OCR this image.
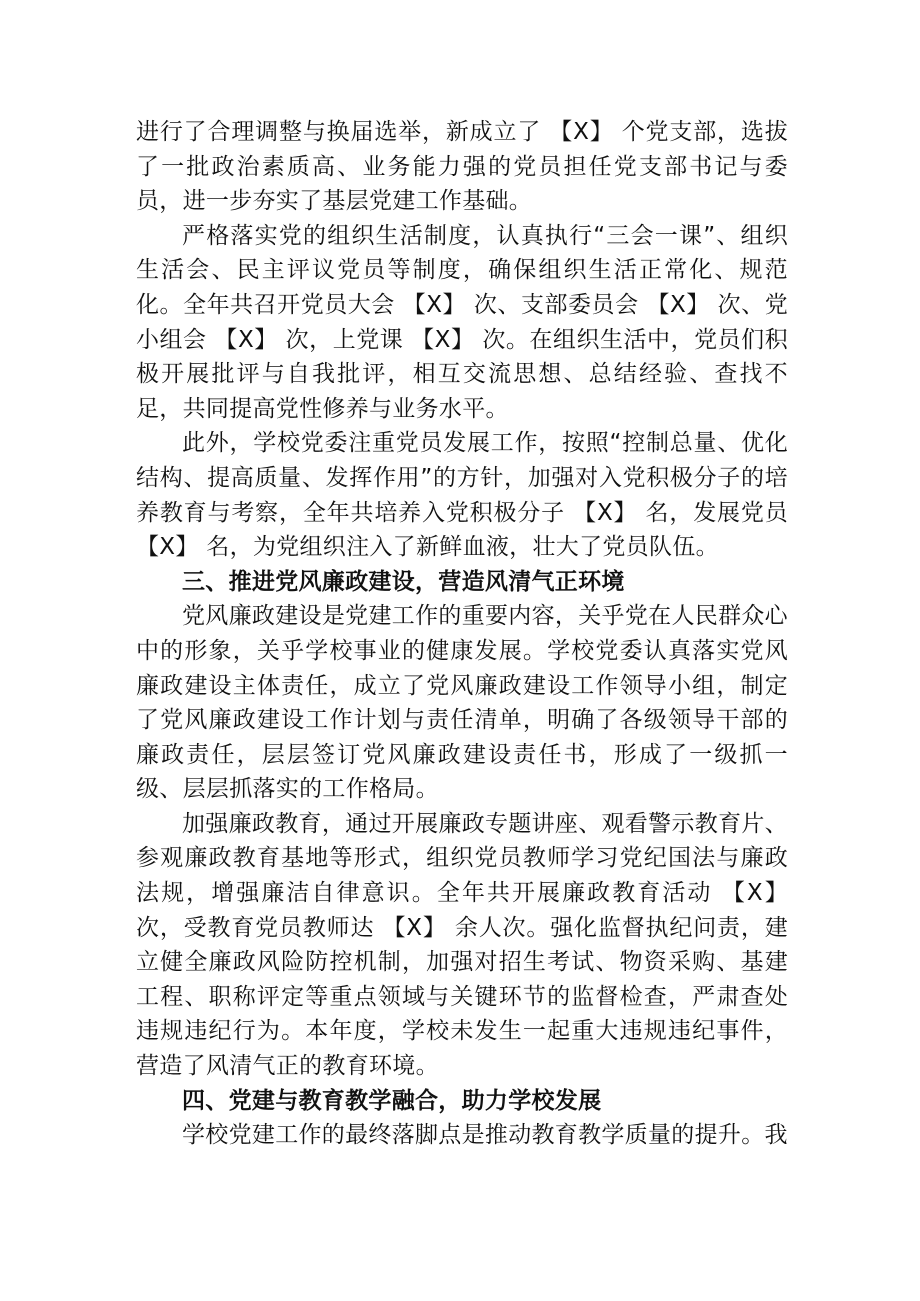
进行了合理调整与换届选举，新成立了 【X】 个党支部，选拔了一批政治素质高、业务能力强的党员担任党支部书记与委员，进一步夯实了基层党建工作基础。

严格落实党的组织生活制度，认真执行“三会一课”、组织生活会、民主评议党员等制度，确保组织生活正常化、规范化。全年共召开党员大会 【X】 次、支部委员会 【X】 次、党小组会 【X】 次，上党课 【X】 次。在组织生活中，党员们积极开展批评与自我批评，相互交流思想、总结经验、查找不足，共同提高党性修养与业务水平。

此外，学校党委注重党员发展工作，按照“控制总量、优化结构、提高质量、发挥作用”的方针，加强对入党积极分子的培养教育与考察，全年共培养入党积极分子 【X】 名，发展党员 【X】 名，为党组织注入了新鲜血液，壮大了党员队伍。

三、推进党风廉政建设，营造风清气正环境

党风廉政建设是党建工作的重要内容，关乎党在人民群众心中的形象，关乎学校事业的健康发展。学校党委认真落实党风廉政建设主体责任，成立了党风廉政建设工作领导小组，制定了党风廉政建设工作计划与责任清单，明确了各级领导干部的廉政责任，层层签订党风廉政建设责任书，形成了一级抓一级、层层抓落实的工作格局。

加强廉政教育，通过开展廉政专题讲座、观看警示教育片、参观廉政教育基地等形式，组织党员教师学习党纪国法与廉政法规，增强廉洁自律意识。全年共开展廉政教育活动 【X】 次，受教育党员教师达 【X】 余人次。强化监督执纪问责，建立健全廉政风险防控机制，加强对招生考试、物资采购、基建工程、职称评定等重点领域与关键环节的监督检查，严肃查处违规违纪行为。本年度，学校未发生一起重大违规违纪事件，营造了风清气正的教育环境。

四、党建与教育教学融合，助力学校发展

学校党建工作的最终落脚点是推动教育教学质量的提升。我
